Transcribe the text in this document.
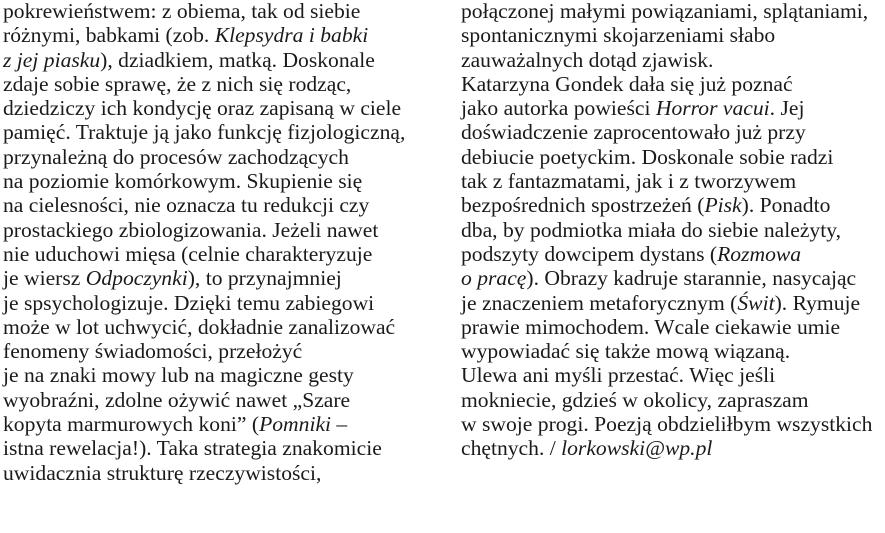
pokrewieństwem: z obiema, tak od siebie
różnymi, babkami (zob. Klepsydra i babki
z jej piasku), dziadkiem, matką. Doskonale
zdaje sobie sprawę, że z nich się rodząc,
dziedziczy ich kondycję oraz zapisaną w ciele
pamięć. Traktuje ją jako funkcję fizjologiczną,
przynależną do procesów zachodzących
na poziomie komórkowym. Skupienie się
na cielesności, nie oznacza tu redukcji czy
prostackiego zbiologizowania. Jeżeli nawet
nie uduchowi mięsa (celnie charakteryzuje
je wiersz Odpoczynki), to przynajmniej
je spsychologizuje. Dzięki temu zabiegowi
może w lot uchwycić, dokładnie zanalizować
fenomeny świadomości, przełożyć
je na znaki mowy lub na magiczne gesty
wyobraźni, zdolne ożywić nawet „Szare
kopyta marmurowych koni” (Pomniki –
istna rewelacja!). Taka strategia znakomicie
uwidacznia strukturę rzeczywistości,
połączonej małymi powiązaniami, splątaniami,
spontanicznymi skojarzeniami słabo
zauważalnych dotąd zjawisk.
Katarzyna Gondek dała się już poznać
jako autorka powieści Horror vacui. Jej
doświadczenie zaprocentowało już przy
debiucie poetyckim. Doskonale sobie radzi
tak z fantazmatami, jak i z tworzywem
bezpośrednich spostrzeżeń (Pisk). Ponadto
dba, by podmiotka miała do siebie należyty,
podszyty dowcipem dystans (Rozmowa
o pracę). Obrazy kadruje starannie, nasycając
je znaczeniem metaforycznym (Świt). Rymuje
prawie mimochodem. Wcale ciekawie umie
wypowiadać się także mową wiązaną.
Ulewa ani myśli przestać. Więc jeśli
mokniecie, gdzieś w okolicy, zapraszam
w swoje progi. Poezją obdzieliłbym wszystkich
chętnych. / lorkowski@wp.pl
